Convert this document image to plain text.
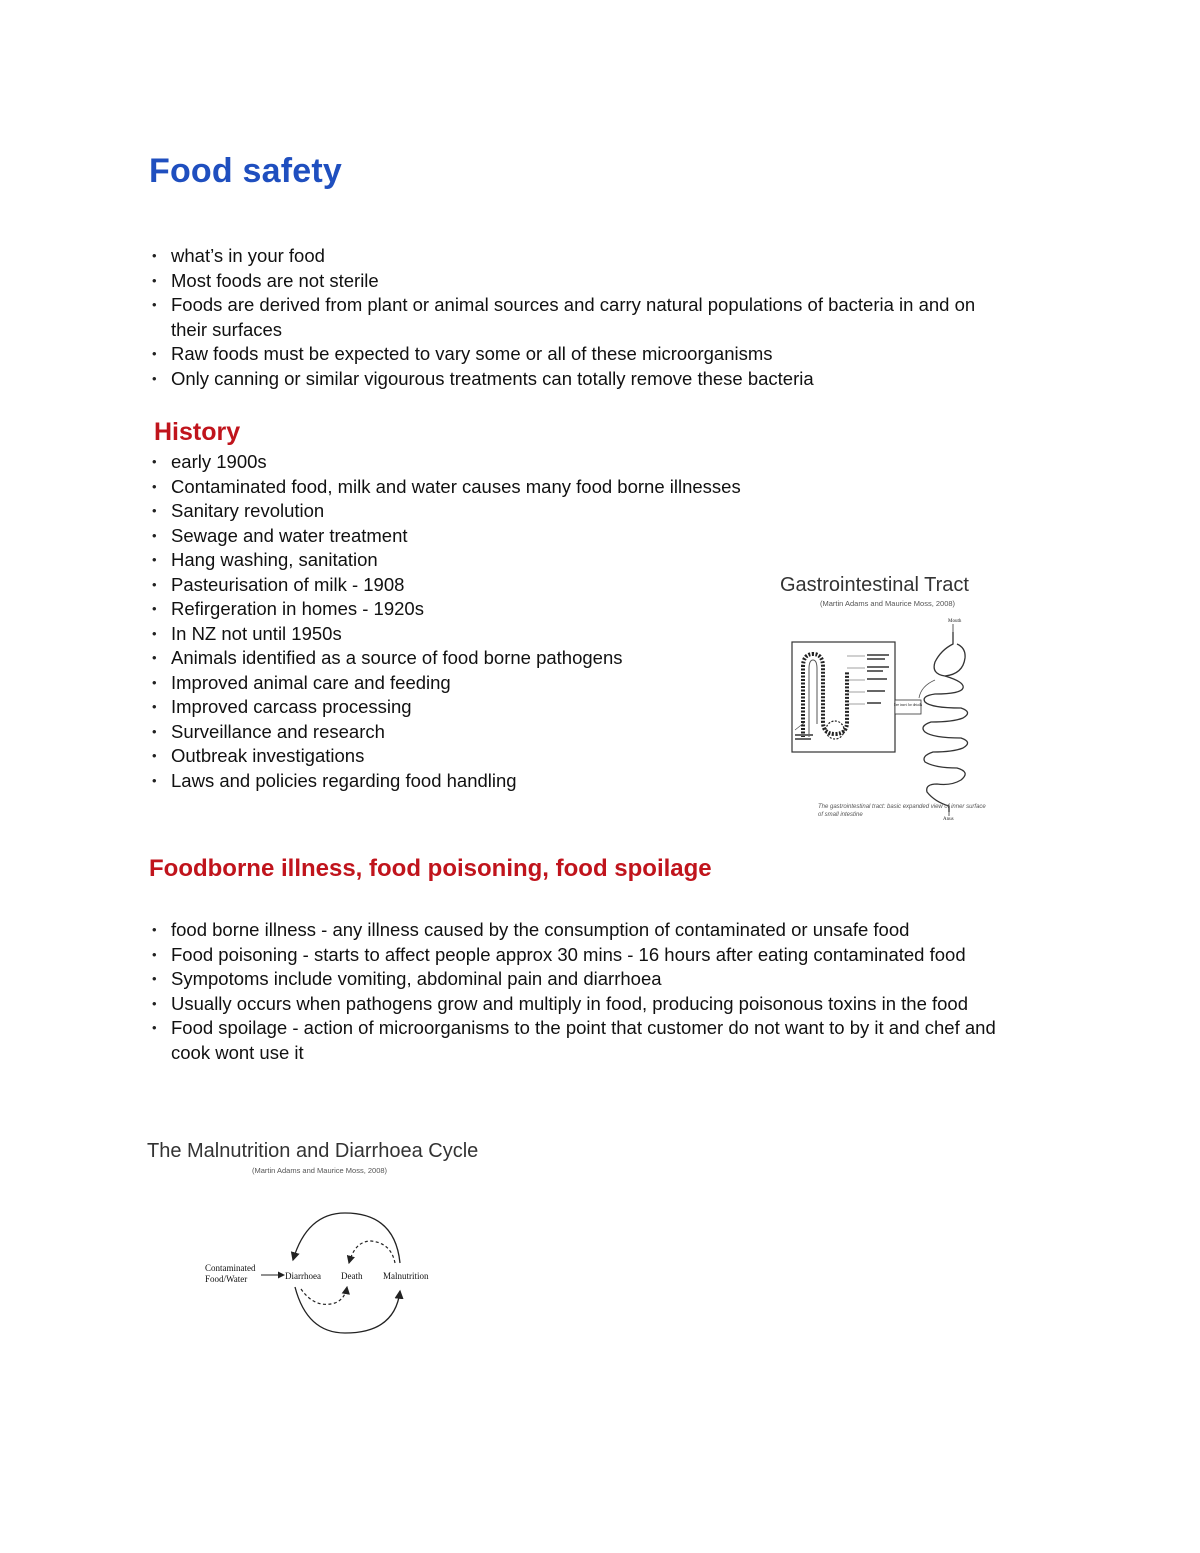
Food safety
• what’s in your food
• Most foods are not sterile
• Foods are derived from plant or animal sources and carry natural populations of bacteria in and on their surfaces
• Raw foods must be expected to vary some or all of these microorganisms
• Only canning or similar vigourous treatments can totally remove these bacteria
History
• early 1900s
• Contaminated food, milk and water causes many food borne illnesses
• Sanitary revolution
• Sewage and water treatment
• Hang washing, sanitation
• Pasteurisation of milk - 1908
• Refirgeration in homes - 1920s
• In NZ not until 1950s
• Animals identified as a source of food borne pathogens
• Improved animal care and feeding
• Improved carcass processing
• Surveillance and research
• Outbreak investigations
• Laws and policies regarding food handling
Gastrointestinal Tract
(Martin Adams and Maurice Moss, 2008)
See inset for details
Mouth
Anus
The gastrointestinal tract: basic expanded view of inner surface of small intestine
Foodborne illness, food poisoning, food spoilage
• food borne illness - any illness caused by the consumption of contaminated or unsafe food
• Food poisoning - starts to affect people approx 30 mins - 16 hours after eating contaminated food
• Sympotoms include vomiting, abdominal pain and diarrhoea
• Usually occurs when pathogens grow and multiply in food, producing poisonous toxins in the food
• Food spoilage - action of microorganisms to the point that customer do not want to by it and chef and cook wont use it
The Malnutrition and Diarrhoea Cycle
(Martin Adams and Maurice Moss, 2008)
Contaminated
Food/Water	Diarrhoea Death Malnutrition
